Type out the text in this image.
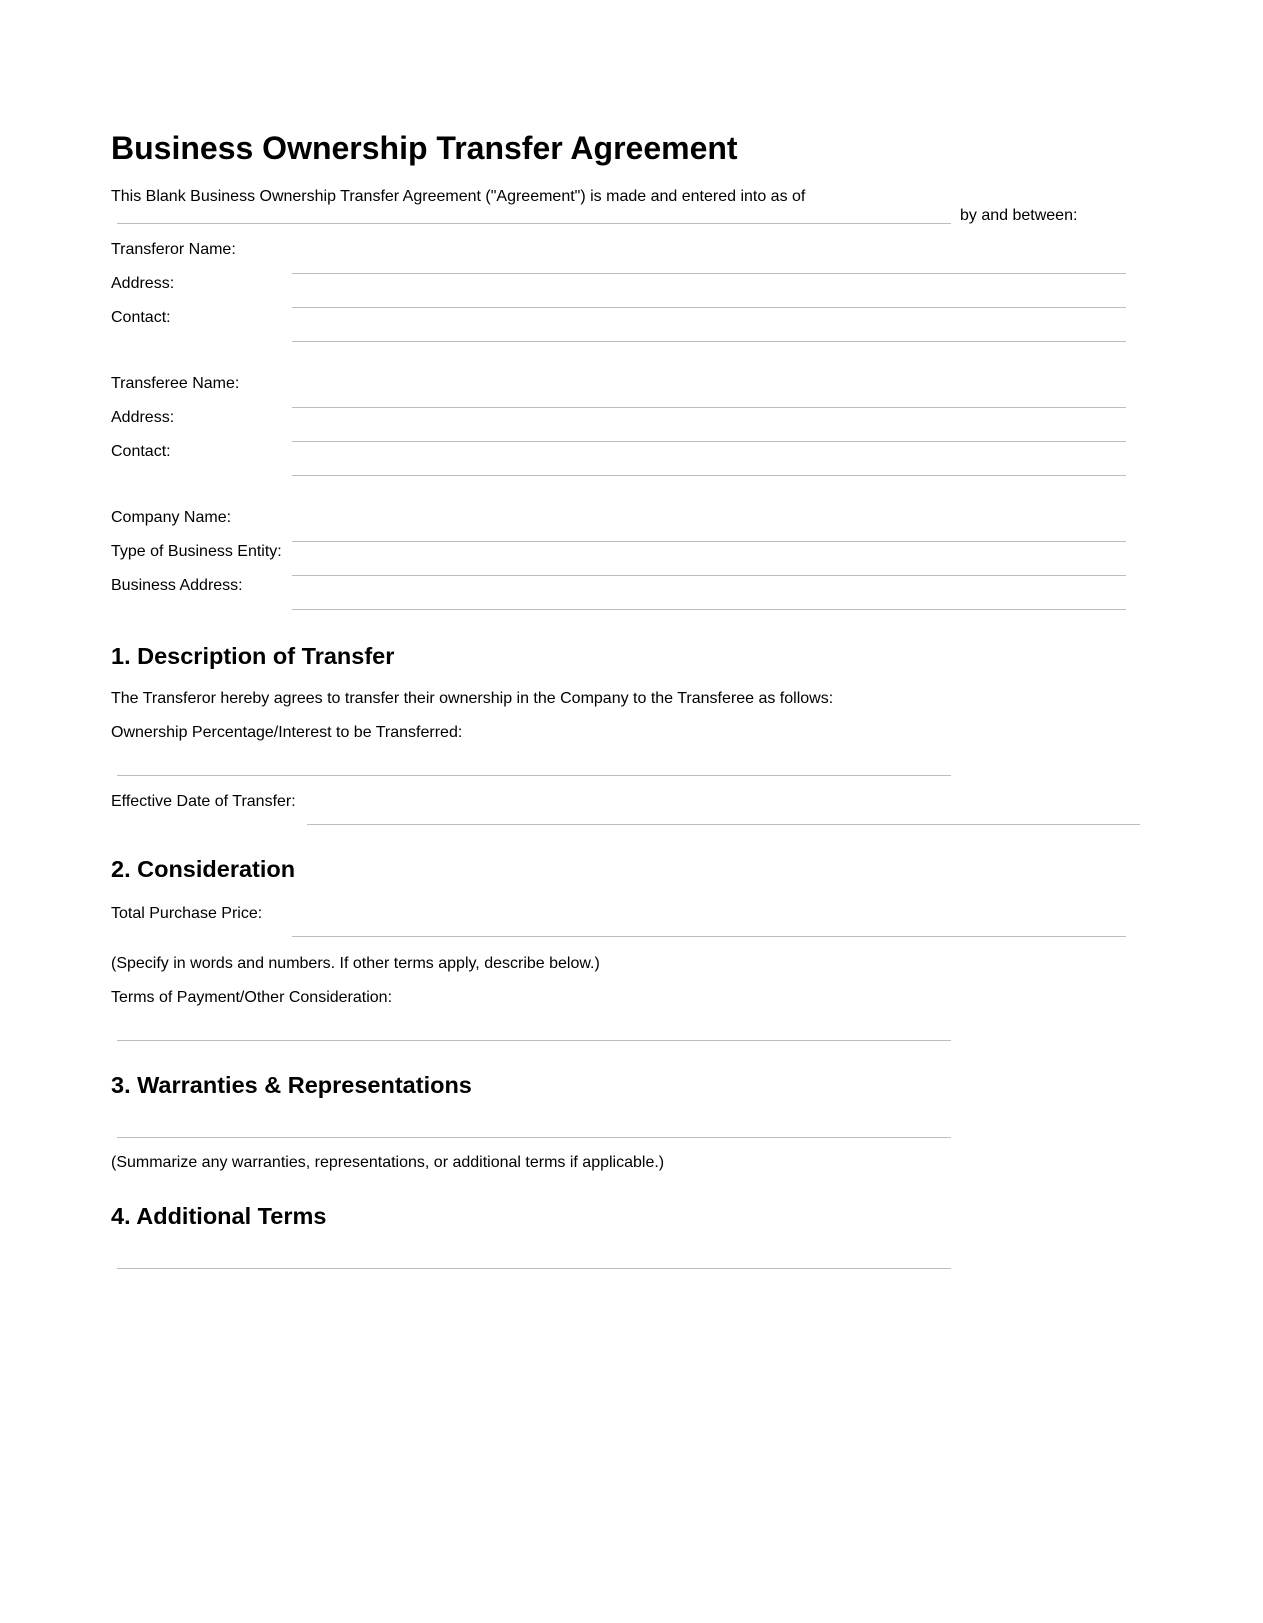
Business Ownership Transfer Agreement
This Blank Business Ownership Transfer Agreement ("Agreement") is made and entered into as of
by and between:
Transferor Name:
Address:
Contact:
Transferee Name:
Address:
Contact:
Company Name:
Type of Business Entity:
Business Address:
1. Description of Transfer
The Transferor hereby agrees to transfer their ownership in the Company to the Transferee as follows:
Ownership Percentage/Interest to be Transferred:
Effective Date of Transfer:
2. Consideration
Total Purchase Price:
(Specify in words and numbers. If other terms apply, describe below.)
Terms of Payment/Other Consideration:
3. Warranties & Representations
(Summarize any warranties, representations, or additional terms if applicable.)
4. Additional Terms
